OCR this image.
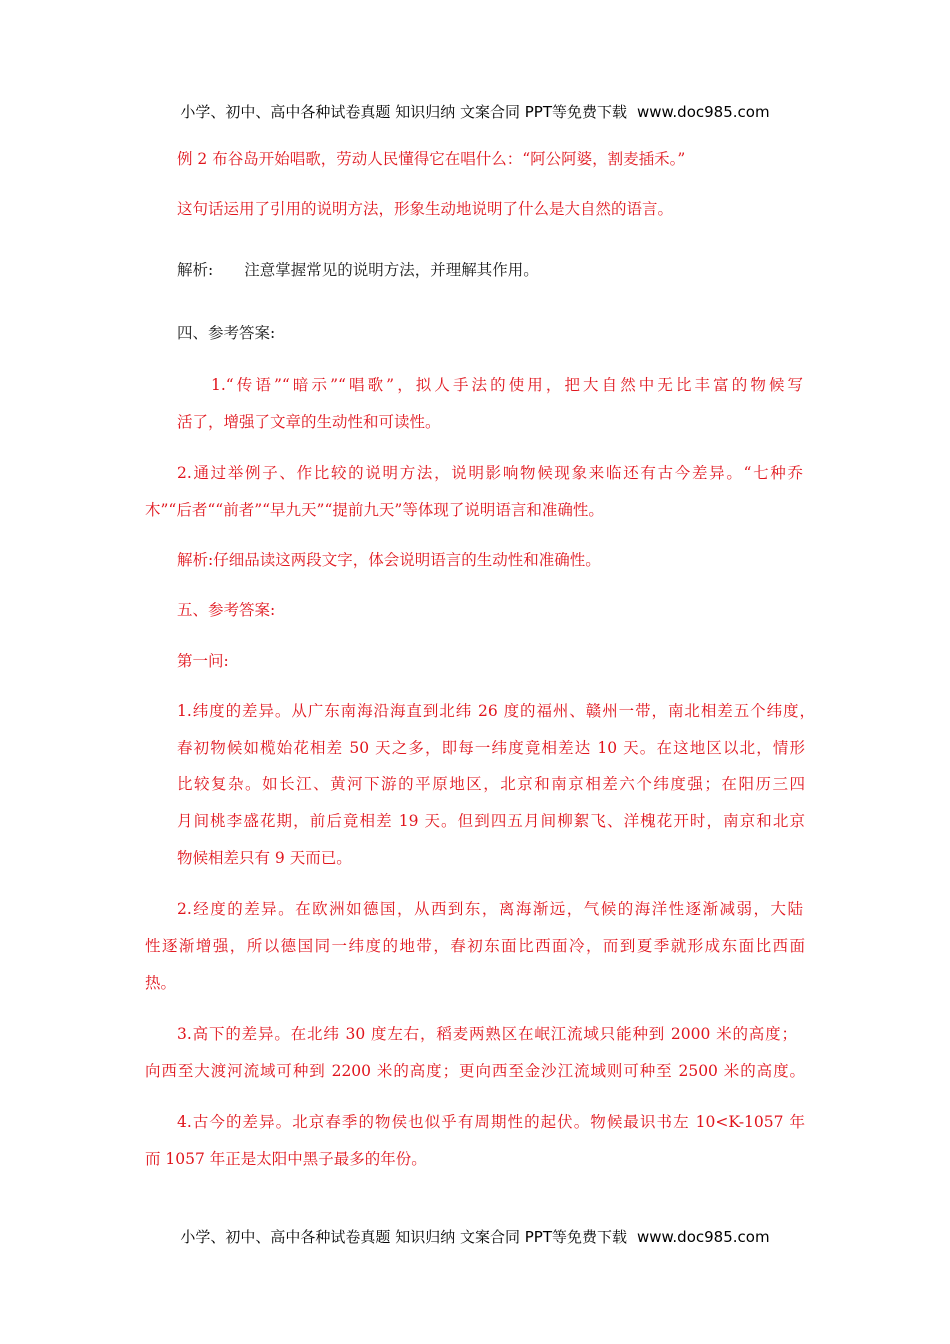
小学、初中、高中各种试卷真题 知识归纳 文案合同 PPT等免费下载 www.doc985.com
例 2 布谷岛开始唱歌，劳动人民懂得它在唱什么：“阿公阿婆，割麦插禾。”
这句话运用了引用的说明方法，形象生动地说明了什么是大自然的语言。
解析:　　注意掌握常见的说明方法，并理解其作用。
四、参考答案:
1.“传语”“暗示”“唱歌”，拟人手法的使用，把大自然中无比丰富的物候写
活了，增强了文章的生动性和可读性。
2.通过举例子、作比较的说明方法，说明影响物候现象来临还有古今差异。“七种乔
木”“后者““前者”“早九天”“提前九天”等体现了说明语言和准确性。
解析:仔细品读这两段文字，体会说明语言的生动性和准确性。
五、参考答案:
第一问:
1.纬度的差异。从广东南海沿海直到北纬 26 度的福州、赣州一带，南北相差五个纬度，
春初物候如榄始花相差 50 天之多，即每一纬度竟相差达 10 天。在这地区以北，情形
比较复杂。如长江、黄河下游的平原地区，北京和南京相差六个纬度强；在阳历三四
月间桃李盛花期，前后竟相差 19 天。但到四五月间柳絮飞、洋槐花开时，南京和北京
物候相差只有 9 天而已。
2.经度的差异。在欧洲如德国，从西到东，离海渐远，气候的海洋性逐渐减弱，大陆
性逐渐增强，所以德国同一纬度的地带，春初东面比西面冷，而到夏季就形成东面比西面
热。
3.高下的差异。在北纬 30 度左右，稻麦两熟区在岷江流域只能种到 2000 米的高度；
向西至大渡河流域可种到 2200 米的高度；更向西至金沙江流域则可种至 2500 米的高度。
4.古今的差异。北京春季的物侯也似乎有周期性的起伏。物候最识书左 10<K-1057 年
而 1057 年正是太阳中黑子最多的年份。
小学、初中、高中各种试卷真题 知识归纳 文案合同 PPT等免费下载 www.doc985.com
